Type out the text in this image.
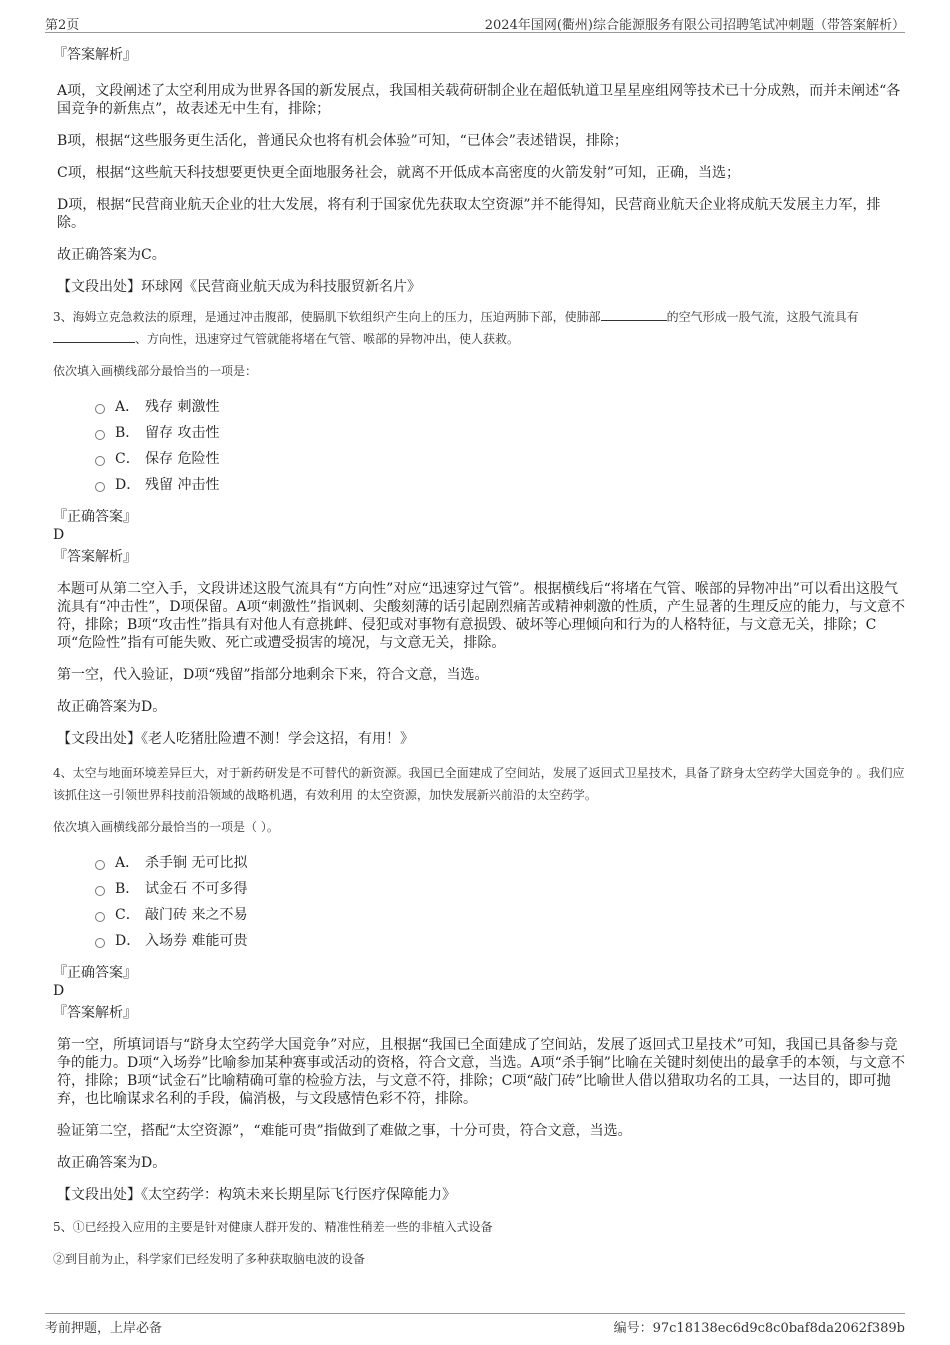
第2页	2024年国网(衢州)综合能源服务有限公司招聘笔试冲刺题（带答案解析）
『答案解析』

A项，文段阐述了太空利用成为世界各国的新发展点，我国相关载荷研制企业在超低轨道卫星星座组网等技术已十分成熟，而并未阐述“各国竞争的新焦点”，故表述无中生有，排除；

B项，根据“这些服务更生活化，普通民众也将有机会体验”可知，“已体会”表述错误，排除；

C项，根据“这些航天科技想要更快更全面地服务社会，就离不开低成本高密度的火箭发射”可知，正确，当选；

D项，根据“民营商业航天企业的壮大发展，将有利于国家优先获取太空资源”并不能得知，民营商业航天企业将成航天发展主力军，排除。

故正确答案为C。

【文段出处】环球网《民营商业航天成为科技服贸新名片》

3、海姆立克急救法的原理，是通过冲击腹部，使膈肌下软组织产生向上的压力，压迫两肺下部，使肺部	的空气形成一股气流，这股气流具有、方向性，迅速穿过气管就能将堵在气管、喉部的异物冲出，使人获救。
依次填入画横线部分最恰当的一项是：
A． 残存 刺激性
B． 留存 攻击性
C． 保存 危险性
D． 残留 冲击性
『正确答案』
D
『答案解析』

本题可从第二空入手，文段讲述这股气流具有“方向性”对应“迅速穿过气管”。根据横线后“将堵在气管、喉部的异物冲出”可以看出这股气流具有“冲击性”，D项保留。A项“刺激性”指讽刺、尖酸刻薄的话引起剧烈痛苦或精神刺激的性质，产生显著的生理反应的能力，与文意不符，排除；B项“攻击性”指具有对他人有意挑衅、侵犯或对事物有意损毁、破坏等心理倾向和行为的人格特征，与文意无关，排除；C项“危险性”指有可能失败、死亡或遭受损害的境况，与文意无关，排除。

第一空，代入验证，D项“残留”指部分地剩余下来，符合文意，当选。

故正确答案为D。

【文段出处】《老人吃猪肚险遭不测！学会这招，有用！》

4、太空与地面环境差异巨大，对于新药研发是不可替代的新资源。我国已全面建成了空间站，发展了返回式卫星技术，具备了跻身太空药学大国竞争的 。我们应该抓住这一引领世界科技前沿领域的战略机遇，有效利用 的太空资源，加快发展新兴前沿的太空药学。
依次填入画横线部分最恰当的一项是（ ）。
A． 杀手锏 无可比拟
B． 试金石 不可多得
C． 敲门砖 来之不易
D． 入场券 难能可贵
『正确答案』
D
『答案解析』

第一空，所填词语与“跻身太空药学大国竞争”对应，且根据“我国已全面建成了空间站，发展了返回式卫星技术”可知，我国已具备参与竞争的能力。D项“入场券”比喻参加某种赛事或活动的资格，符合文意，当选。A项“杀手锏”比喻在关键时刻使出的最拿手的本领，与文意不符，排除；B项“试金石”比喻精确可靠的检验方法，与文意不符，排除；C项“敲门砖”比喻世人借以猎取功名的工具，一达目的，即可抛弃，也比喻谋求名利的手段，偏消极，与文段感情色彩不符，排除。

验证第二空，搭配“太空资源”，“难能可贵”指做到了难做之事，十分可贵，符合文意，当选。

故正确答案为D。

【文段出处】《太空药学：构筑未来长期星际飞行医疗保障能力》

5、①已经投入应用的主要是针对健康人群开发的、精准性稍差一些的非植入式设备
②到目前为止，科学家们已经发明了多种获取脑电波的设备
考前押题，上岸必备	编号：97c18138ec6d9c8c0baf8da2062f389b
